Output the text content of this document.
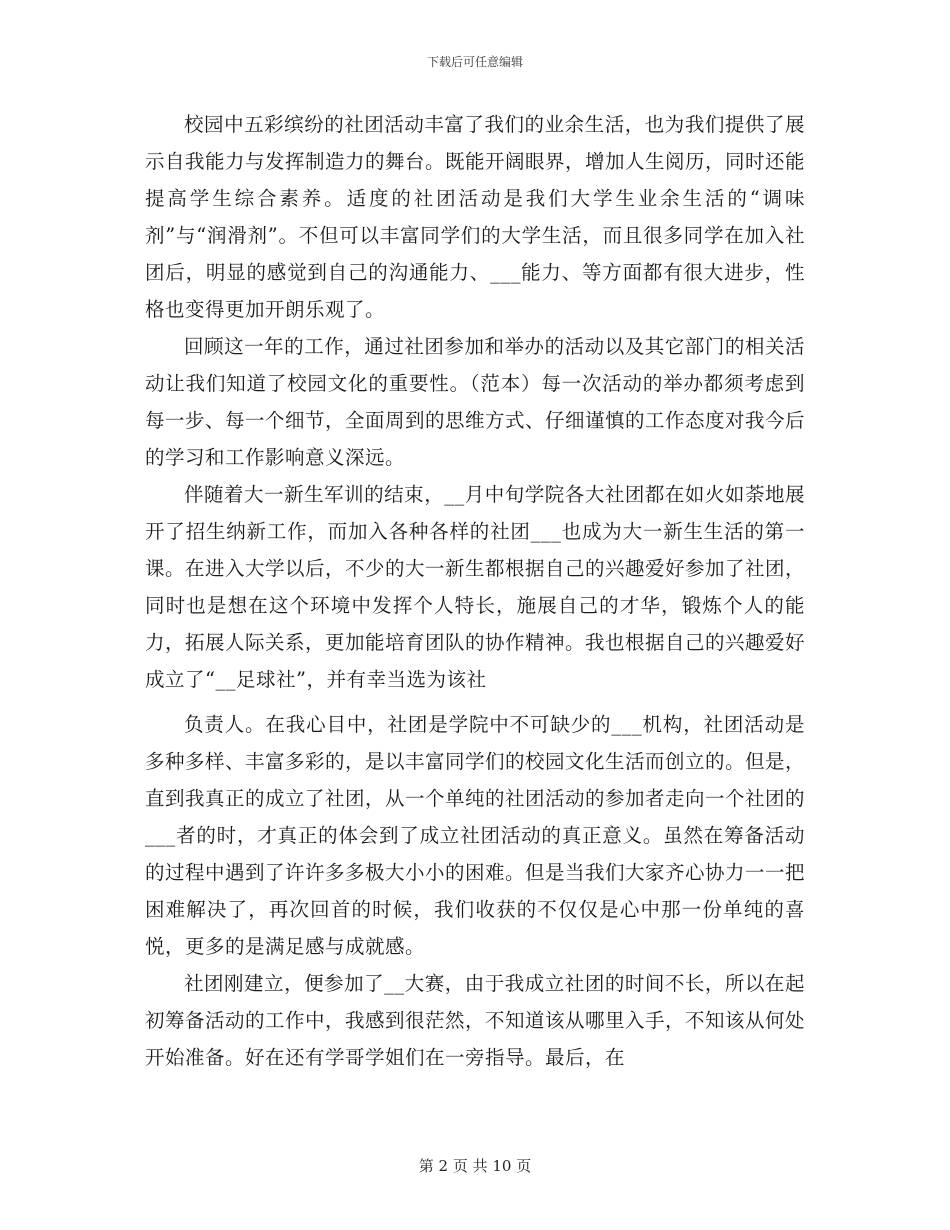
下载后可任意编辑

校园中五彩缤纷的社团活动丰富了我们的业余生活，也为我们提供了展示自我能力与发挥制造力的舞台。既能开阔眼界，增加人生阅历，同时还能提高学生综合素养。适度的社团活动是我们大学生业余生活的“调味剂”与“润滑剂”。不但可以丰富同学们的大学生活，而且很多同学在加入社团后，明显的感觉到自己的沟通能力、___能力、等方面都有很大进步，性格也变得更加开朗乐观了。

回顾这一年的工作，通过社团参加和举办的活动以及其它部门的相关活动让我们知道了校园文化的重要性。（范本）每一次活动的举办都须考虑到每一步、每一个细节，全面周到的思维方式、仔细谨慎的工作态度对我今后的学习和工作影响意义深远。

伴随着大一新生军训的结束，__月中旬学院各大社团都在如火如荼地展开了招生纳新工作，而加入各种各样的社团___也成为大一新生生活的第一课。在进入大学以后，不少的大一新生都根据自己的兴趣爱好参加了社团，同时也是想在这个环境中发挥个人特长，施展自己的才华，锻炼个人的能力，拓展人际关系，更加能培育团队的协作精神。我也根据自己的兴趣爱好成立了“__足球社”，并有幸当选为该社

负责人。在我心目中，社团是学院中不可缺少的___机构，社团活动是多种多样、丰富多彩的，是以丰富同学们的校园文化生活而创立的。但是，直到我真正的成立了社团，从一个单纯的社团活动的参加者走向一个社团的___者的时，才真正的体会到了成立社团活动的真正意义。虽然在筹备活动的过程中遇到了许许多多极大小小的困难。但是当我们大家齐心协力一一把困难解决了，再次回首的时候，我们收获的不仅仅是心中那一份单纯的喜悦，更多的是满足感与成就感。

社团刚建立，便参加了__大赛，由于我成立社团的时间不长，所以在起初筹备活动的工作中，我感到很茫然，不知道该从哪里入手，不知该从何处开始准备。好在还有学哥学姐们在一旁指导。最后，在

第 2 页 共 10 页
